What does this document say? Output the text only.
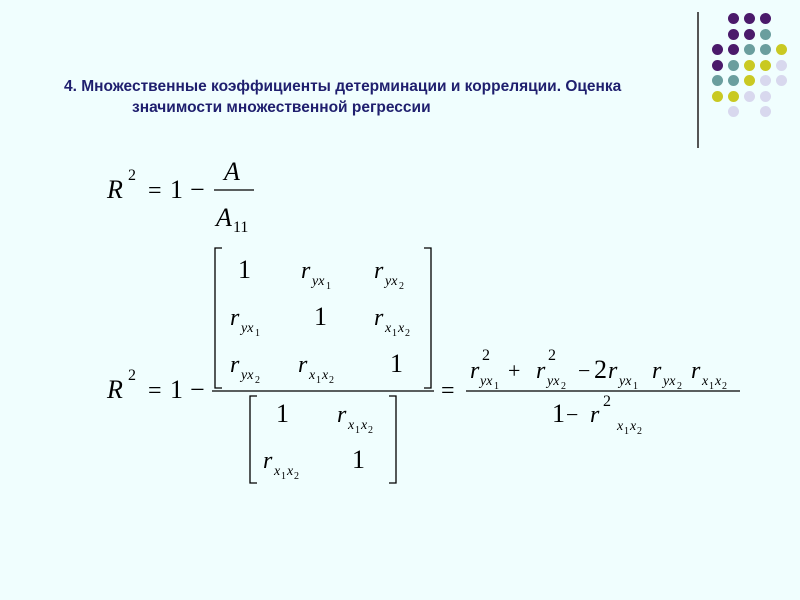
4. Множественные коэффициенты детерминации и корреляции. Оценка
значимости множественной регрессии
R 2
= 1 −
A
A 11
R 2
= 1 −
1 r yx 1
r yx 2
r yx 1
1 r x 1 x 2
r yx 2
r x 1 x 2
1
1 r x 1 x 2
r x 1 x 2
1
=
r
2
yx 1
+ r
2
yx 2
− 2 r yx 1
r yx 2
r x 1 x 2
1 − r
2
x 1 x 2
